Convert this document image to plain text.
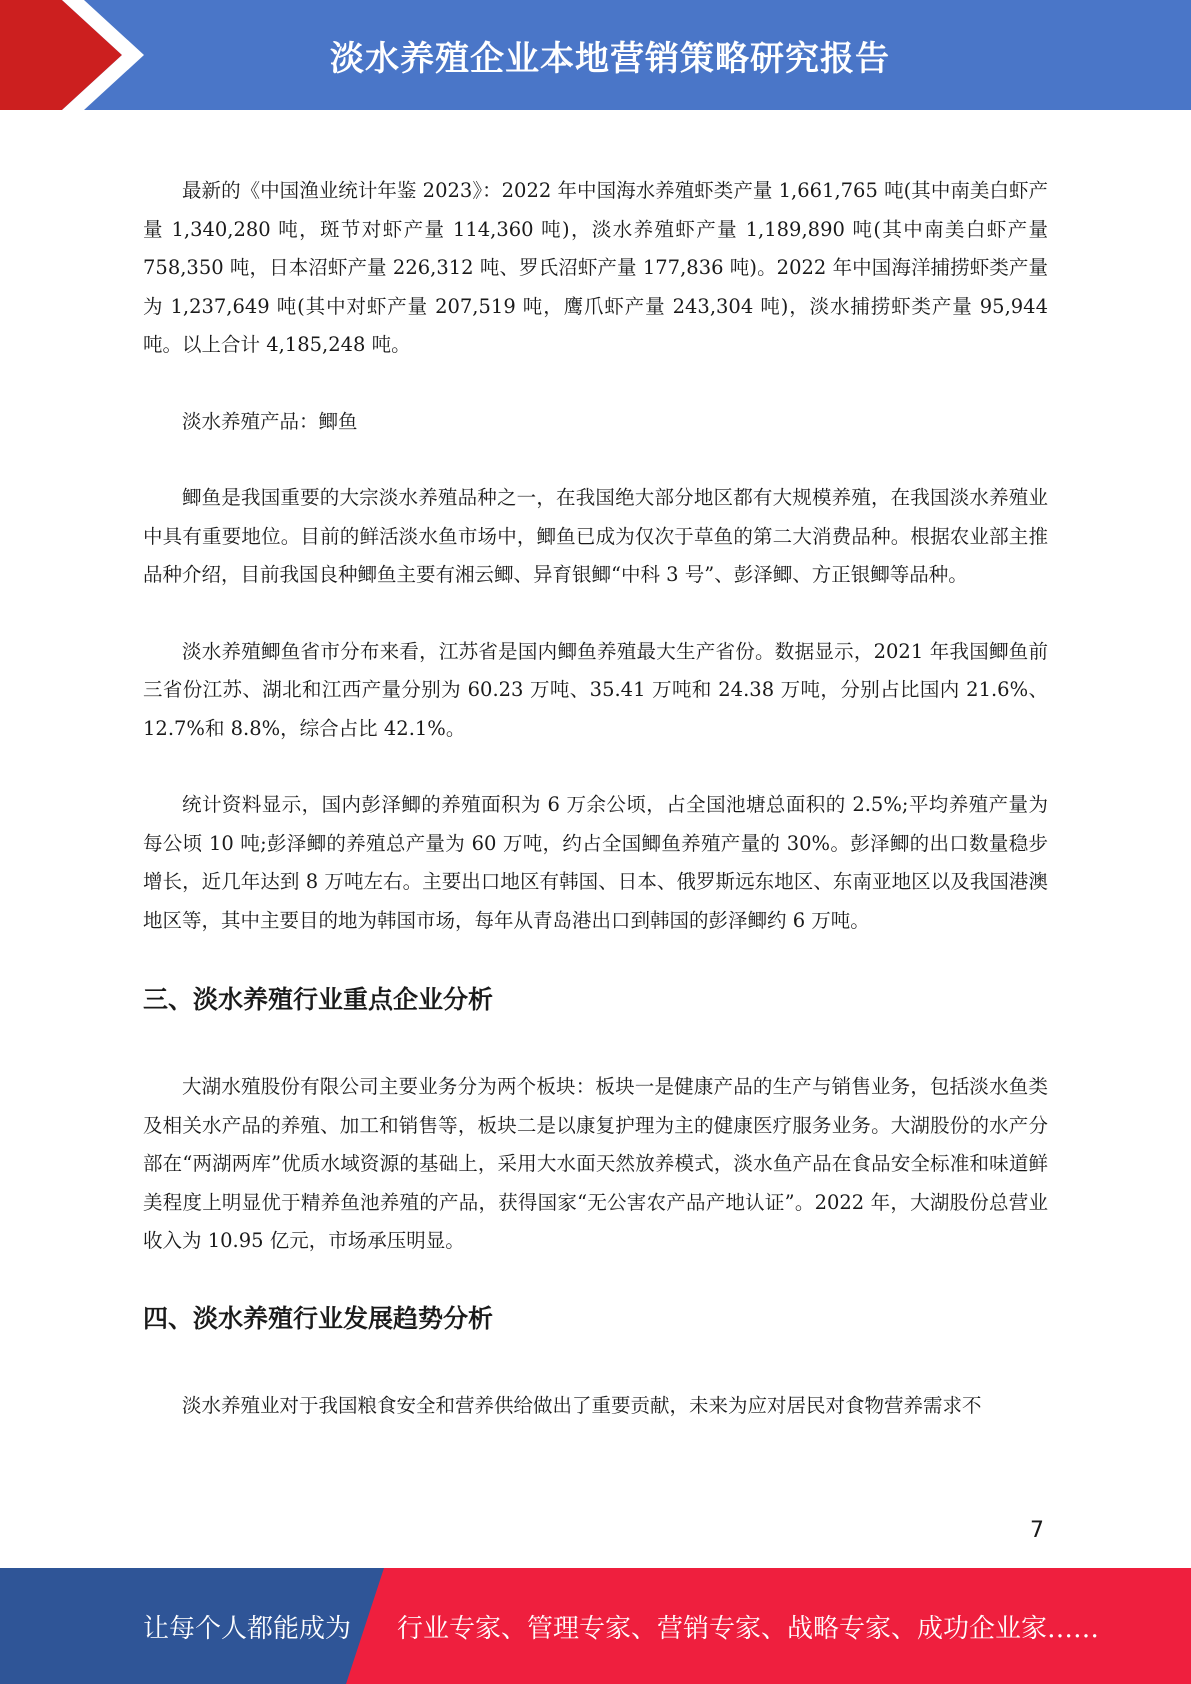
淡水养殖企业本地营销策略研究报告

最新的《中国渔业统计年鉴 2023》：2022 年中国海水养殖虾类产量 1,661,765 吨(其中南美白虾产量 1,340,280 吨，斑节对虾产量 114,360 吨)，淡水养殖虾产量 1,189,890 吨(其中南美白虾产量 758,350 吨，日本沼虾产量 226,312 吨、罗氏沼虾产量 177,836 吨)。2022 年中国海洋捕捞虾类产量为 1,237,649 吨(其中对虾产量 207,519 吨，鹰爪虾产量 243,304 吨)，淡水捕捞虾类产量 95,944 吨。以上合计 4,185,248 吨。

淡水养殖产品：鲫鱼

鲫鱼是我国重要的大宗淡水养殖品种之一，在我国绝大部分地区都有大规模养殖，在我国淡水养殖业中具有重要地位。目前的鲜活淡水鱼市场中，鲫鱼已成为仅次于草鱼的第二大消费品种。根据农业部主推品种介绍，目前我国良种鲫鱼主要有湘云鲫、异育银鲫“中科 3 号”、彭泽鲫、方正银鲫等品种。

淡水养殖鲫鱼省市分布来看，江苏省是国内鲫鱼养殖最大生产省份。数据显示，2021 年我国鲫鱼前三省份江苏、湖北和江西产量分别为 60.23 万吨、35.41 万吨和 24.38 万吨，分别占比国内 21.6%、12.7%和 8.8%，综合占比 42.1%。

统计资料显示，国内彭泽鲫的养殖面积为 6 万余公顷，占全国池塘总面积的 2.5%;平均养殖产量为每公顷 10 吨;彭泽鲫的养殖总产量为 60 万吨，约占全国鲫鱼养殖产量的 30%。彭泽鲫的出口数量稳步增长，近几年达到 8 万吨左右。主要出口地区有韩国、日本、俄罗斯远东地区、东南亚地区以及我国港澳地区等，其中主要目的地为韩国市场，每年从青岛港出口到韩国的彭泽鲫约 6 万吨。

三、淡水养殖行业重点企业分析

大湖水殖股份有限公司主要业务分为两个板块：板块一是健康产品的生产与销售业务，包括淡水鱼类及相关水产品的养殖、加工和销售等，板块二是以康复护理为主的健康医疗服务业务。大湖股份的水产分部在“两湖两库”优质水域资源的基础上，采用大水面天然放养模式，淡水鱼产品在食品安全标准和味道鲜美程度上明显优于精养鱼池养殖的产品，获得国家“无公害农产品产地认证”。2022 年，大湖股份总营业收入为 10.95 亿元，市场承压明显。

四、淡水养殖行业发展趋势分析

淡水养殖业对于我国粮食安全和营养供给做出了重要贡献，未来为应对居民对食物营养需求不

7
让每个人都能成为 行业专家、管理专家、营销专家、战略专家、成功企业家……
